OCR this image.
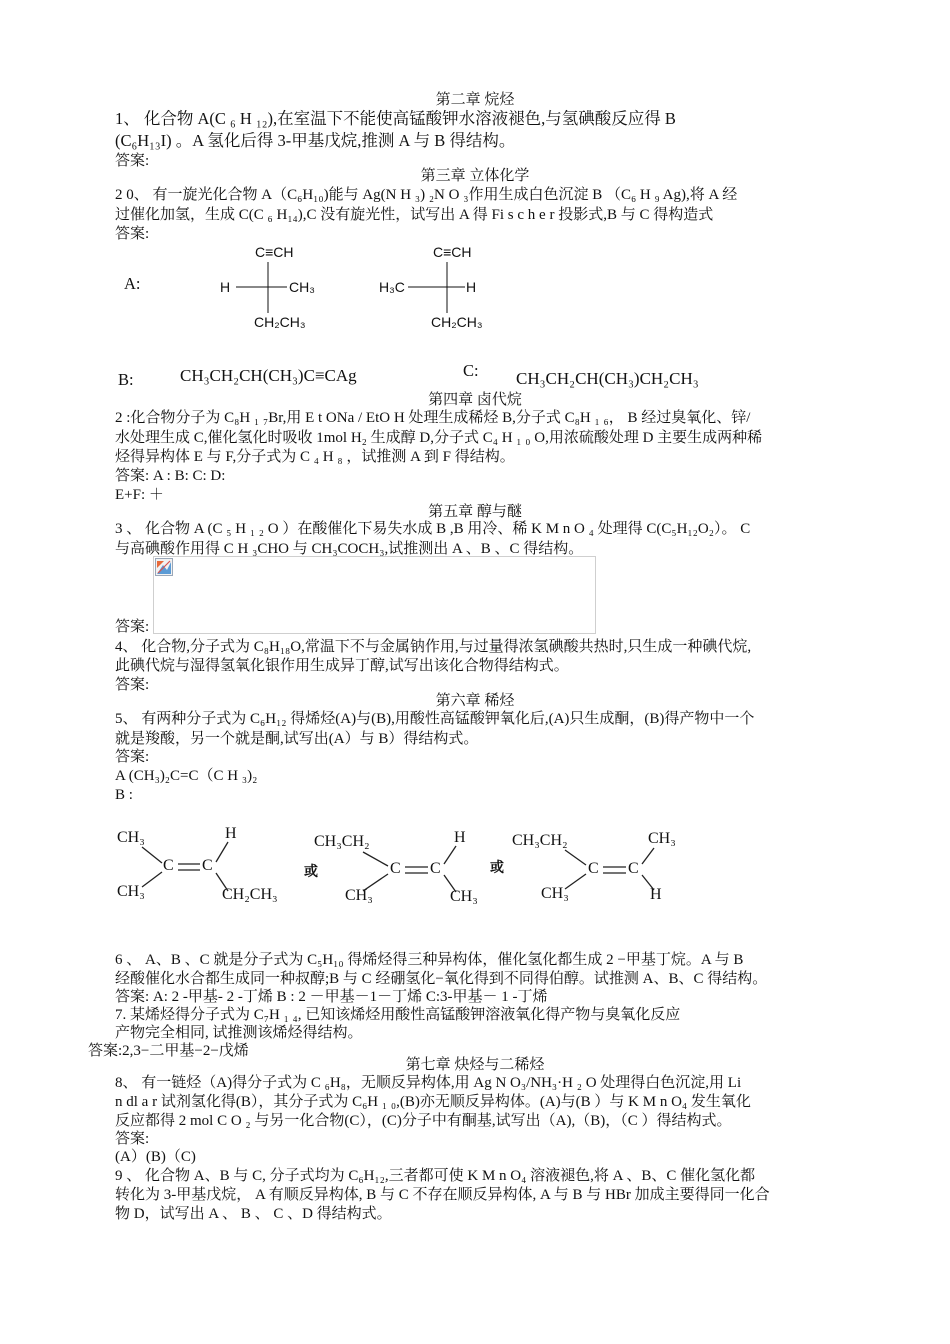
第二章 烷烃
1、 化合物 A(C ₆ H ₁₂),在室温下不能使高锰酸钾水溶液褪色,与氢碘酸反应得 B
(C₆H₁₃I) 。A 氢化后得 3-甲基戊烷,推测 A 与 B 得结构。
答案:
第三章 立体化学
2 0、 有一旋光化合物 A（C₆H₁₀)能与 Ag(N H ₃) ₂N O ₃作用生成白色沉淀 B （C₆ H ₉ Ag),将 A 经
过催化加氢，生成 C(C ₆ H₁₄),C 没有旋光性，试写出 A 得 Fi s c h e r 投影式,B 与 C 得构造式
答案:
A:
C≡CH
H	CH₃
CH₂CH₃
C≡CH
H₃C	H
CH₂CH₃
B:	CH₃CH₂CH(CH₃)C≡CAg	C: CH₃CH₂CH(CH₃)CH₂CH₃
第四章 卤代烷
2 :化合物分子为 C₈H ₁ ₇Br,用 E t ONa / EtO H 处理生成稀烃 B,分子式 C₈H ₁ ₆， B 经过臭氧化、锌/
水处理生成 C,催化氢化时吸收 1mol H₂ 生成醇 D,分子式 C₄ H ₁ ₀ O,用浓硫酸处理 D 主要生成两种稀
烃得异构体 E 与 F,分子式为 C ₄ H ₈ ，试推测 A 到 F 得结构。
答案: A : B: C: D:
E+F: ＋
第五章 醇与醚
3 、 化合物 A (C ₅ H ₁ ₂ O ）在酸催化下易失水成 B ,B 用冷、稀 K M n O ₄ 处理得 C(C₅H₁₂O₂）。 C
与高碘酸作用得 C H ₃CHO 与 CH₃COCH₃,试推测出 A 、B 、C 得结构。
答案:
4、 化合物,分子式为 C₈H₁₈O,常温下不与金属钠作用,与过量得浓氢碘酸共热时,只生成一种碘代烷,
此碘代烷与湿得氢氧化银作用生成异丁醇,试写出该化合物得结构式。
答案:
第六章 稀烃
5、 有两种分子式为 C₆H₁₂ 得烯烃(A)与(B),用酸性高锰酸钾氧化后,(A)只生成酮，(B)得产物中一个
就是羧酸，另一个就是酮,试写出(A）与 B）得结构式。
答案:
A (CH₃)₂C=C（C H ₃)₂
B :
CH₃	H
CH₃	CH₂CH₃
C C	或
CH₃CH₂	H
CH₃	CH₃
C C	或
CH₃CH₂	CH₃
CH₃	H
C C
6 、 A、B 、C 就是分子式为 C₅H₁₀ 得烯烃得三种异构体，催化氢化都生成 2 −甲基丁烷。A 与 B
经酸催化水合都生成同一种叔醇;B 与 C 经硼氢化−氧化得到不同得伯醇。试推测 A、B、C 得结构。
答案: A: 2 -甲基- 2 -丁烯 B : 2 －甲基－1－丁烯 C:3-甲基－ 1 -丁烯
7. 某烯烃得分子式为 C₇H ₁ ₄, 已知该烯烃用酸性高锰酸钾溶液氧化得产物与臭氧化反应
产物完全相同, 试推测该烯烃得结构。
答案:2,3−二甲基−2−戊烯
第七章 炔烃与二稀烃
8、 有一链烃（A)得分子式为 C ₆H₈，无顺反异构体,用 Ag N O₃/NH₃·H ₂ O 处理得白色沉淀,用 Li
n dl a r 试剂氢化得(B），其分子式为 C₆H ₁ ₀,(B)亦无顺反异构体。(A)与(B ）与 K M n O₄ 发生氧化
反应都得 2 mol C O ₂ 与另一化合物(C），(C)分子中有酮基,试写出（A),（B)，（C ）得结构式。
答案:
(A）(B)（C)
9 、 化合物 A、B 与 C, 分子式均为 C₆H₁₂,三者都可使 K M n O₄ 溶液褪色,将 A 、B、C 催化氢化都
转化为 3-甲基戊烷， A 有顺反异构体, B 与 C 不存在顺反异构体, A 与 B 与 HBr 加成主要得同一化合
物 D，试写出 A 、 B 、 C 、D 得结构式。
